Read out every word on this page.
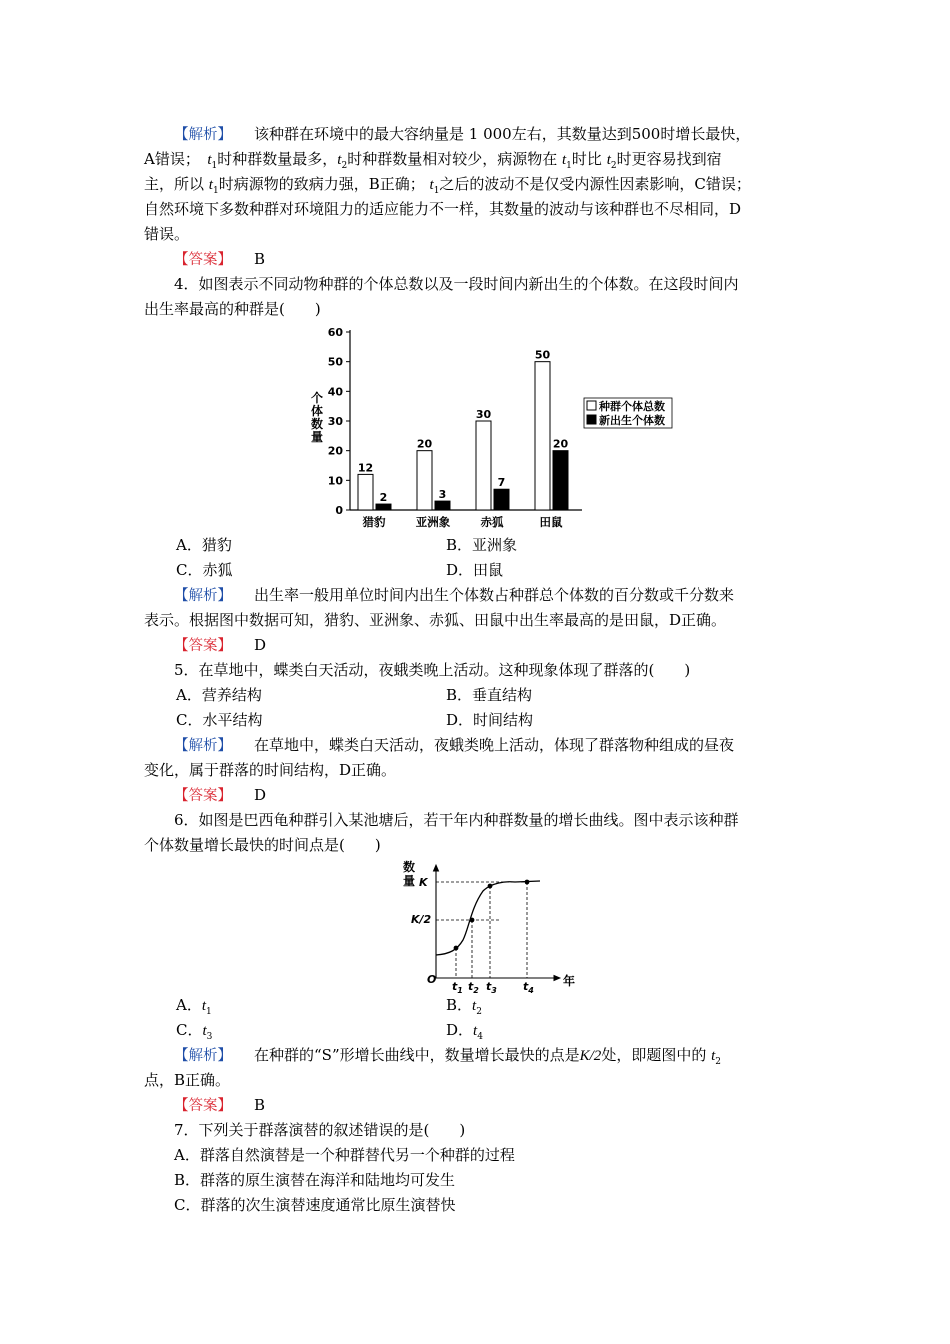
【解析】 该种群在环境中的最大容纳量是 1 000左右，其数量达到500时增长最快，
A错误；　 $t_1$时种群数量最多，$t_2$时种群数量相对较少，病源物在 $t_1$时比 $t_2$时更容易找到宿
主，所以 $t_1$时病源物的致病力强，B正确； $t_1$之后的波动不是仅受内源性因素影响，C错误；
自然环境下多数种群对环境阻力的适应能力不一样，其数量的波动与该种群也不尽相同，D
错误。
【答案】 B
4．如图表示不同动物种群的个体总数以及一段时间内新出生的个体数。在这段时间内
出生率最高的种群是(　　)
0
10
20
30
40
50
60
个
体
数
量
12
2
猎豹
20
3
亚洲象
30
7
赤狐
50
20
田鼠
种群个体总数
新出生个体数
A．猎豹	B．亚洲象
C．赤狐	D．田鼠
【解析】 出生率一般用单位时间内出生个体数占种群总个体数的百分数或千分数来
表示。根据图中数据可知，猎豹、亚洲象、赤狐、田鼠中出生率最高的是田鼠，D正确。
【答案】 D
5．在草地中，蝶类白天活动，夜蛾类晚上活动。这种现象体现了群落的(　　)
A．营养结构	B．垂直结构
C．水平结构	D．时间结构
【解析】 在草地中，蝶类白天活动，夜蛾类晚上活动，体现了群落物种组成的昼夜
变化，属于群落的时间结构，D正确。
【答案】 D
6．如图是巴西龟种群引入某池塘后，若干年内种群数量的增长曲线。图中表示该种群
个体数量增长最快的时间点是(　　)
数
量
年
O
K
K/2
$t_1$ $t_2$ $t_3$ $t_4$
A．$t_1$	B．$t_2$
C．$t_3$	D．$t_4$
【解析】 在种群的“S”形增长曲线中，数量增长最快的点是K/2处，即题图中的 $t_2$
点，B正确。
【答案】 B
7．下列关于群落演替的叙述错误的是(　　)
A．群落自然演替是一个种群替代另一个种群的过程
B．群落的原生演替在海洋和陆地均可发生
C．群落的次生演替速度通常比原生演替快
